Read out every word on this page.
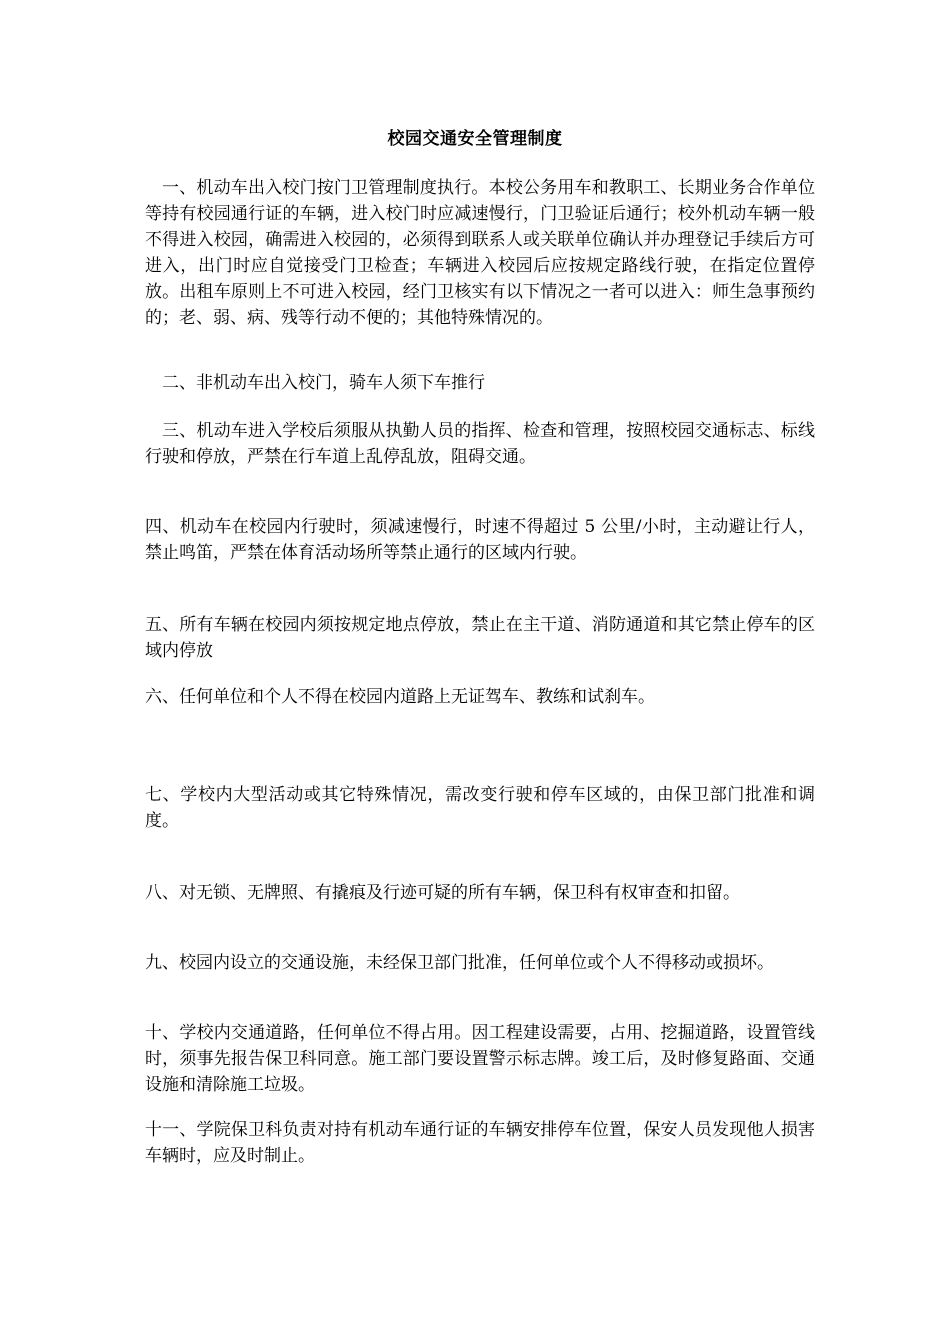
校园交通安全管理制度

一、机动车出入校门按门卫管理制度执行。本校公务用车和教职工、长期业务合作单位等持有校园通行证的车辆，进入校门时应减速慢行，门卫验证后通行；校外机动车辆一般不得进入校园，确需进入校园的，必须得到联系人或关联单位确认并办理登记手续后方可进入，出门时应自觉接受门卫检查；车辆进入校园后应按规定路线行驶，在指定位置停放。出租车原则上不可进入校园，经门卫核实有以下情况之一者可以进入：师生急事预约的；老、弱、病、残等行动不便的；其他特殊情况的。

二、非机动车出入校门，骑车人须下车推行

三、机动车进入学校后须服从执勤人员的指挥、检查和管理，按照校园交通标志、标线行驶和停放，严禁在行车道上乱停乱放，阻碍交通。

四、机动车在校园内行驶时，须减速慢行，时速不得超过 5 公里/小时，主动避让行人，禁止鸣笛，严禁在体育活动场所等禁止通行的区域内行驶。

五、所有车辆在校园内须按规定地点停放，禁止在主干道、消防通道和其它禁止停车的区域内停放

六、任何单位和个人不得在校园内道路上无证驾车、教练和试刹车。

七、学校内大型活动或其它特殊情况，需改变行驶和停车区域的，由保卫部门批准和调度。

八、对无锁、无牌照、有撬痕及行迹可疑的所有车辆，保卫科有权审查和扣留。

九、校园内设立的交通设施，未经保卫部门批准，任何单位或个人不得移动或损坏。

十、学校内交通道路，任何单位不得占用。因工程建设需要，占用、挖掘道路，设置管线时，须事先报告保卫科同意。施工部门要设置警示标志牌。竣工后，及时修复路面、交通设施和清除施工垃圾。

十一、学院保卫科负责对持有机动车通行证的车辆安排停车位置，保安人员发现他人损害车辆时，应及时制止。
